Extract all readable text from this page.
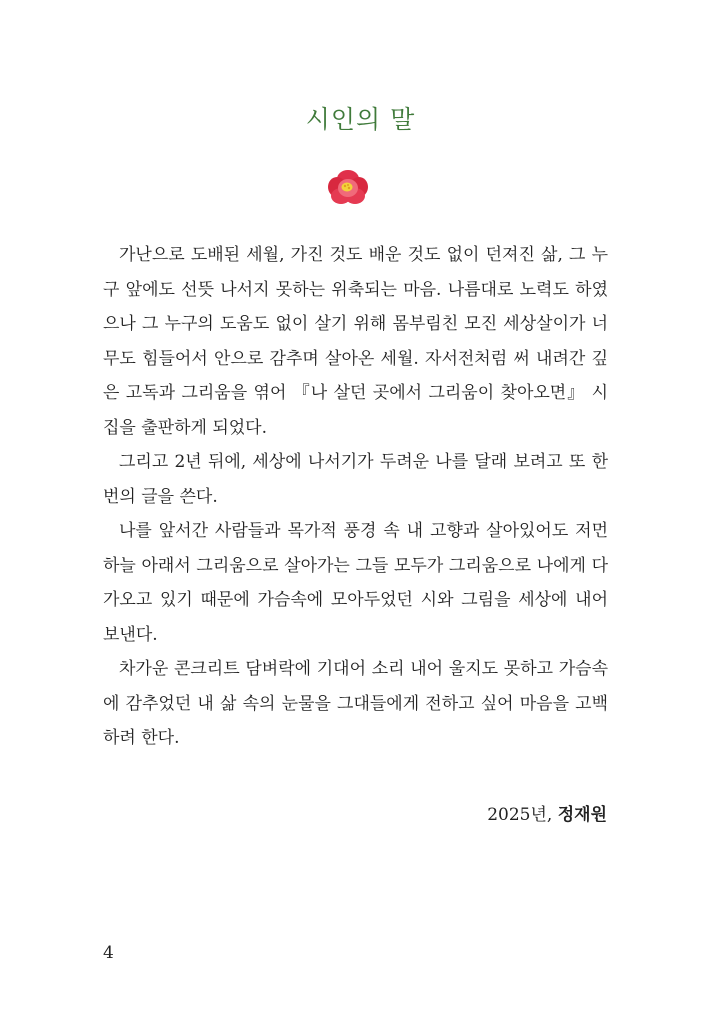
시인의 말

가난으로 도배된 세월, 가진 것도 배운 것도 없이 던져진 삶, 그 누구 앞에도 선뜻 나서지 못하는 위축되는 마음. 나름대로 노력도 하였으나 그 누구의 도움도 없이 살기 위해 몸부림친 모진 세상살이가 너무도 힘들어서 안으로 감추며 살아온 세월. 자서전처럼 써 내려간 깊은 고독과 그리움을 엮어 『나 살던 곳에서 그리움이 찾아오면』 시집을 출판하게 되었다.

그리고 2년 뒤에, 세상에 나서기가 두려운 나를 달래 보려고 또 한 번의 글을 쓴다.

나를 앞서간 사람들과 목가적 풍경 속 내 고향과 살아있어도 저먼 하늘 아래서 그리움으로 살아가는 그들 모두가 그리움으로 나에게 다가오고 있기 때문에 가슴속에 모아두었던 시와 그림을 세상에 내어 보낸다.

차가운 콘크리트 담벼락에 기대어 소리 내어 울지도 못하고 가슴속에 감추었던 내 삶 속의 눈물을 그대들에게 전하고 싶어 마음을 고백하려 한다.

2025년, 정재원
4
